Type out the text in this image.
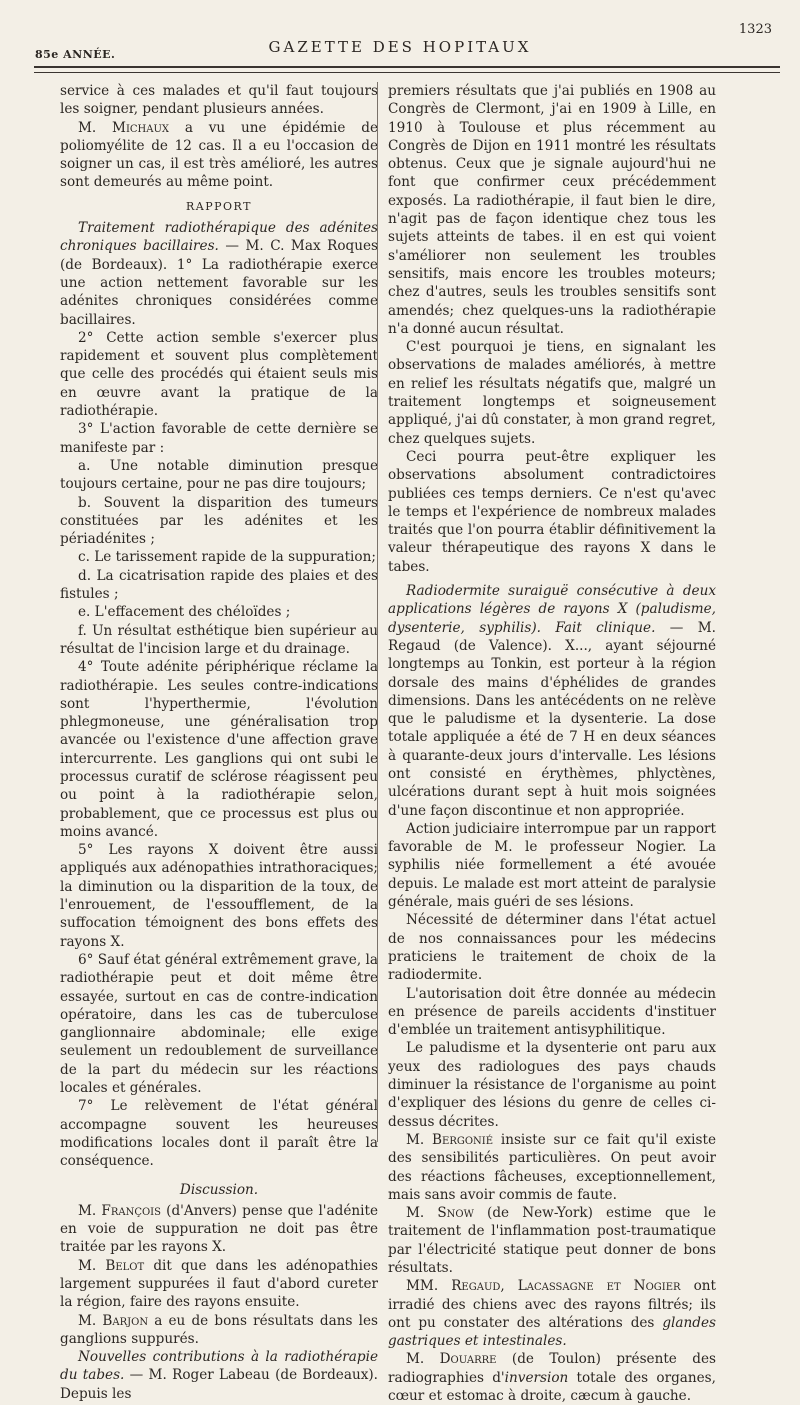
85e ANNÉE.	GAZETTE DES HOPITAUX
1323

service à ces malades et qu'il faut toujours les soigner, pendant plusieurs années.

M. Michaux a vu une épidémie de poliomyélite de 12 cas. Il a eu l'occasion de soigner un cas, il est très amélioré, les autres sont demeurés au même point.

RAPPORT

Traitement radiothérapique des adénites chroniques bacillaires. — M. C. Max Roques (de Bordeaux). 1° La radiothérapie exerce une action nettement favorable sur les adénites chroniques considérées comme bacillaires.

2° Cette action semble s'exercer plus rapidement et souvent plus complètement que celle des procédés qui étaient seuls mis en œuvre avant la pratique de la radiothérapie.

3° L'action favorable de cette dernière se manifeste par :

a. Une notable diminution presque toujours certaine, pour ne pas dire toujours;

b. Souvent la disparition des tumeurs constituées par les adénites et les périadénites ;

c. Le tarissement rapide de la suppuration;

d. La cicatrisation rapide des plaies et des fistules ;

e. L'effacement des chéloïdes ;

f. Un résultat esthétique bien supérieur au résultat de l'incision large et du drainage.

4° Toute adénite périphérique réclame la radiothérapie. Les seules contre-indications sont l'hyperthermie, l'évolution phlegmoneuse, une généralisation trop avancée ou l'existence d'une affection grave intercurrente. Les ganglions qui ont subi le processus curatif de sclérose réagissent peu ou point à la radiothérapie selon, probablement, que ce processus est plus ou moins avancé.

5° Les rayons X doivent être aussi appliqués aux adénopathies intrathoraciques; la diminution ou la disparition de la toux, de l'enrouement, de l'essoufflement, de la suffocation témoignent des bons effets des rayons X.

6° Sauf état général extrêmement grave, la radiothérapie peut et doit même être essayée, surtout en cas de contre-indication opératoire, dans les cas de tuberculose ganglionnaire abdominale; elle exige seulement un redoublement de surveillance de la part du médecin sur les réactions locales et générales.

7° Le relèvement de l'état général accompagne souvent les heureuses modifications locales dont il paraît être la conséquence.

Discussion.

M. François (d'Anvers) pense que l'adénite en voie de suppuration ne doit pas être traitée par les rayons X.

M. Belot dit que dans les adénopathies largement suppurées il faut d'abord cureter la région, faire des rayons ensuite.

M. Barjon a eu de bons résultats dans les ganglions suppurés.

Nouvelles contributions à la radiothérapie du tabes. — M. Roger Labeau (de Bordeaux). Depuis les

premiers résultats que j'ai publiés en 1908 au Congrès de Clermont, j'ai en 1909 à Lille, en 1910 à Toulouse et plus récemment au Congrès de Dijon en 1911 montré les résultats obtenus. Ceux que je signale aujourd'hui ne font que confirmer ceux précédemment exposés. La radiothérapie, il faut bien le dire, n'agit pas de façon identique chez tous les sujets atteints de tabes. il en est qui voient s'améliorer non seulement les troubles sensitifs, mais encore les troubles moteurs; chez d'autres, seuls les troubles sensitifs sont amendés; chez quelques-uns la radiothérapie n'a donné aucun résultat.

C'est pourquoi je tiens, en signalant les observations de malades améliorés, à mettre en relief les résultats négatifs que, malgré un traitement longtemps et soigneusement appliqué, j'ai dû constater, à mon grand regret, chez quelques sujets.

Ceci pourra peut-être expliquer les observations absolument contradictoires publiées ces temps derniers. Ce n'est qu'avec le temps et l'expérience de nombreux malades traités que l'on pourra établir définitivement la valeur thérapeutique des rayons X dans le tabes.

Radiodermite suraiguë consécutive à deux applications légères de rayons X (paludisme, dysenterie, syphilis). Fait clinique. — M. Regaud (de Valence). X..., ayant séjourné longtemps au Tonkin, est porteur à la région dorsale des mains d'éphélides de grandes dimensions. Dans les antécédents on ne relève que le paludisme et la dysenterie. La dose totale appliquée a été de 7 H en deux séances à quarante-deux jours d'intervalle. Les lésions ont consisté en érythèmes, phlyctènes, ulcérations durant sept à huit mois soignées d'une façon discontinue et non appropriée.

Action judiciaire interrompue par un rapport favorable de M. le professeur Nogier. La syphilis niée formellement a été avouée depuis. Le malade est mort atteint de paralysie générale, mais guéri de ses lésions.

Nécessité de déterminer dans l'état actuel de nos connaissances pour les médecins praticiens le traitement de choix de la radiodermite.

L'autorisation doit être donnée au médecin en présence de pareils accidents d'instituer d'emblée un traitement antisyphilitique.

Le paludisme et la dysenterie ont paru aux yeux des radiologues des pays chauds diminuer la résistance de l'organisme au point d'expliquer des lésions du genre de celles ci-dessus décrites.

M. Bergonié insiste sur ce fait qu'il existe des sensibilités particulières. On peut avoir des réactions fâcheuses, exceptionnellement, mais sans avoir commis de faute.

M. Snow (de New-York) estime que le traitement de l'inflammation post-traumatique par l'électricité statique peut donner de bons résultats.

MM. Regaud, Lacassagne et Nogier ont irradié des chiens avec des rayons filtrés; ils ont pu constater des altérations des glandes gastriques et intestinales.

M. Douarre (de Toulon) présente des radiographies d'inversion totale des organes, cœur et estomac à droite, cæcum à gauche.
